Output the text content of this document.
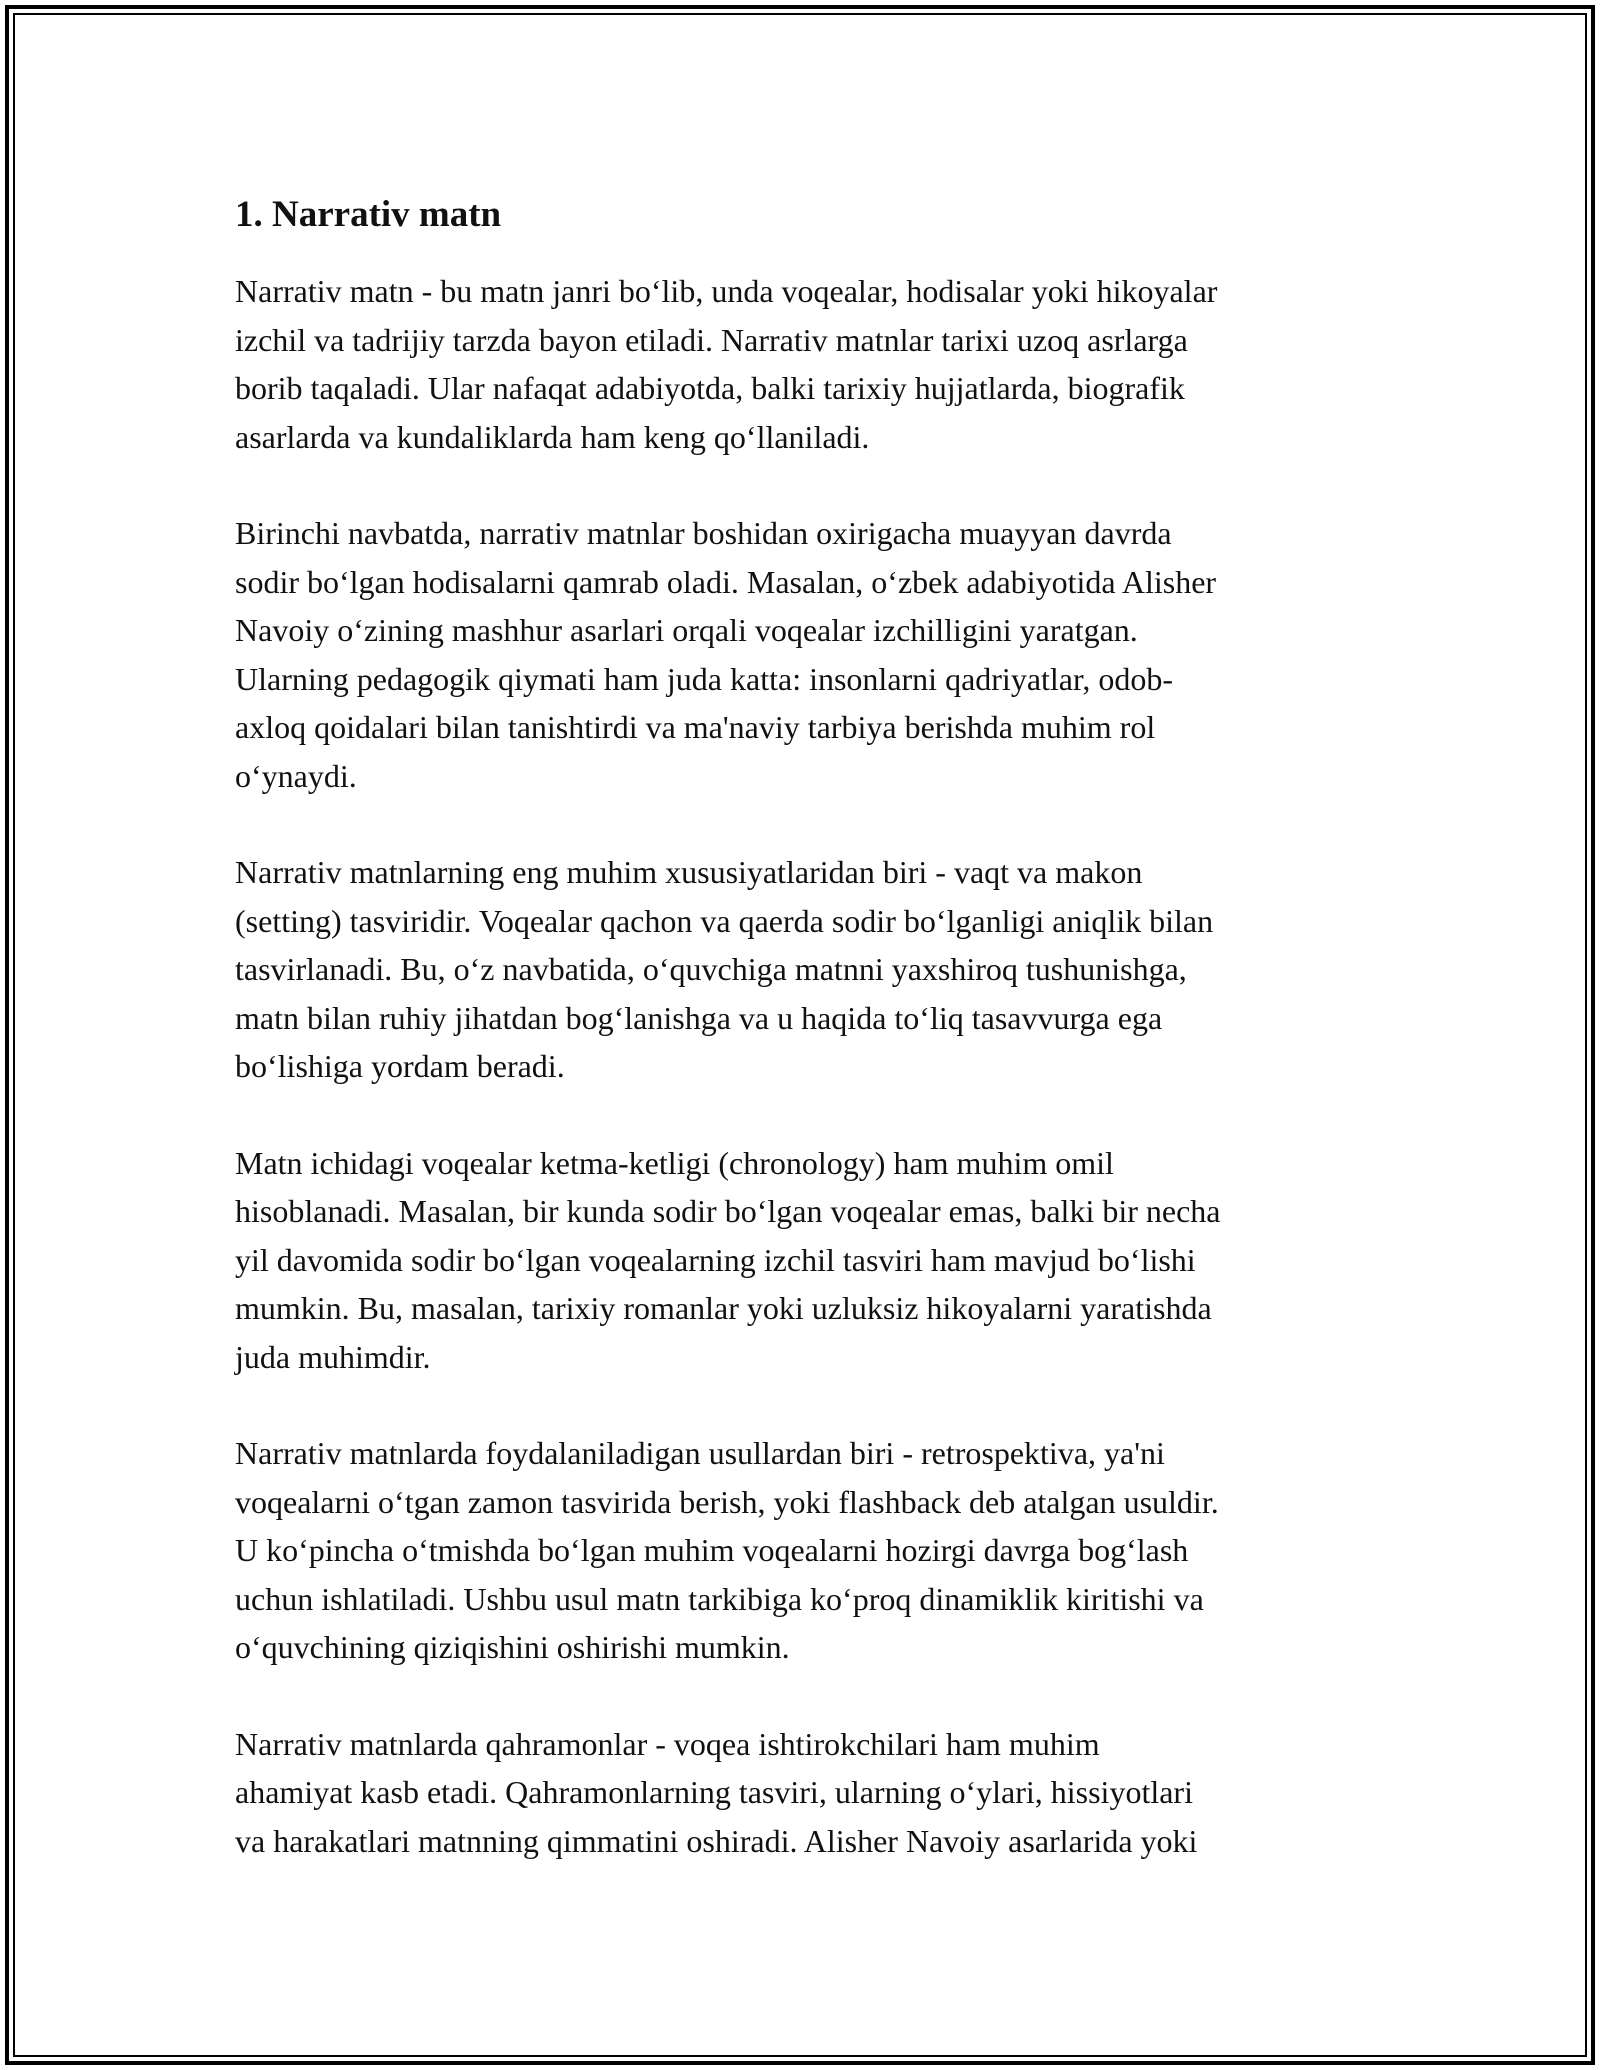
1. Narrativ matn

Narrativ matn - bu matn janri bo‘lib, unda voqealar, hodisalar yoki hikoyalar
izchil va tadrijiy tarzda bayon etiladi. Narrativ matnlar tarixi uzoq asrlarga
borib taqaladi. Ular nafaqat adabiyotda, balki tarixiy hujjatlarda, biografik
asarlarda va kundaliklarda ham keng qo‘llaniladi.

Birinchi navbatda, narrativ matnlar boshidan oxirigacha muayyan davrda
sodir bo‘lgan hodisalarni qamrab oladi. Masalan, o‘zbek adabiyotida Alisher
Navoiy o‘zining mashhur asarlari orqali voqealar izchilligini yaratgan.
Ularning pedagogik qiymati ham juda katta: insonlarni qadriyatlar, odob-
axloq qoidalari bilan tanishtirdi va ma'naviy tarbiya berishda muhim rol
o‘ynaydi.

Narrativ matnlarning eng muhim xususiyatlaridan biri - vaqt va makon
(setting) tasviridir. Voqealar qachon va qaerda sodir bo‘lganligi aniqlik bilan
tasvirlanadi. Bu, o‘z navbatida, o‘quvchiga matnni yaxshiroq tushunishga,
matn bilan ruhiy jihatdan bog‘lanishga va u haqida to‘liq tasavvurga ega
bo‘lishiga yordam beradi.

Matn ichidagi voqealar ketma-ketligi (chronology) ham muhim omil
hisoblanadi. Masalan, bir kunda sodir bo‘lgan voqealar emas, balki bir necha
yil davomida sodir bo‘lgan voqealarning izchil tasviri ham mavjud bo‘lishi
mumkin. Bu, masalan, tarixiy romanlar yoki uzluksiz hikoyalarni yaratishda
juda muhimdir.

Narrativ matnlarda foydalaniladigan usullardan biri - retrospektiva, ya'ni
voqealarni o‘tgan zamon tasvirida berish, yoki flashback deb atalgan usuldir.
U ko‘pincha o‘tmishda bo‘lgan muhim voqealarni hozirgi davrga bog‘lash
uchun ishlatiladi. Ushbu usul matn tarkibiga ko‘proq dinamiklik kiritishi va
o‘quvchining qiziqishini oshirishi mumkin.

Narrativ matnlarda qahramonlar - voqea ishtirokchilari ham muhim
ahamiyat kasb etadi. Qahramonlarning tasviri, ularning o‘ylari, hissiyotlari
va harakatlari matnning qimmatini oshiradi. Alisher Navoiy asarlarida yoki
